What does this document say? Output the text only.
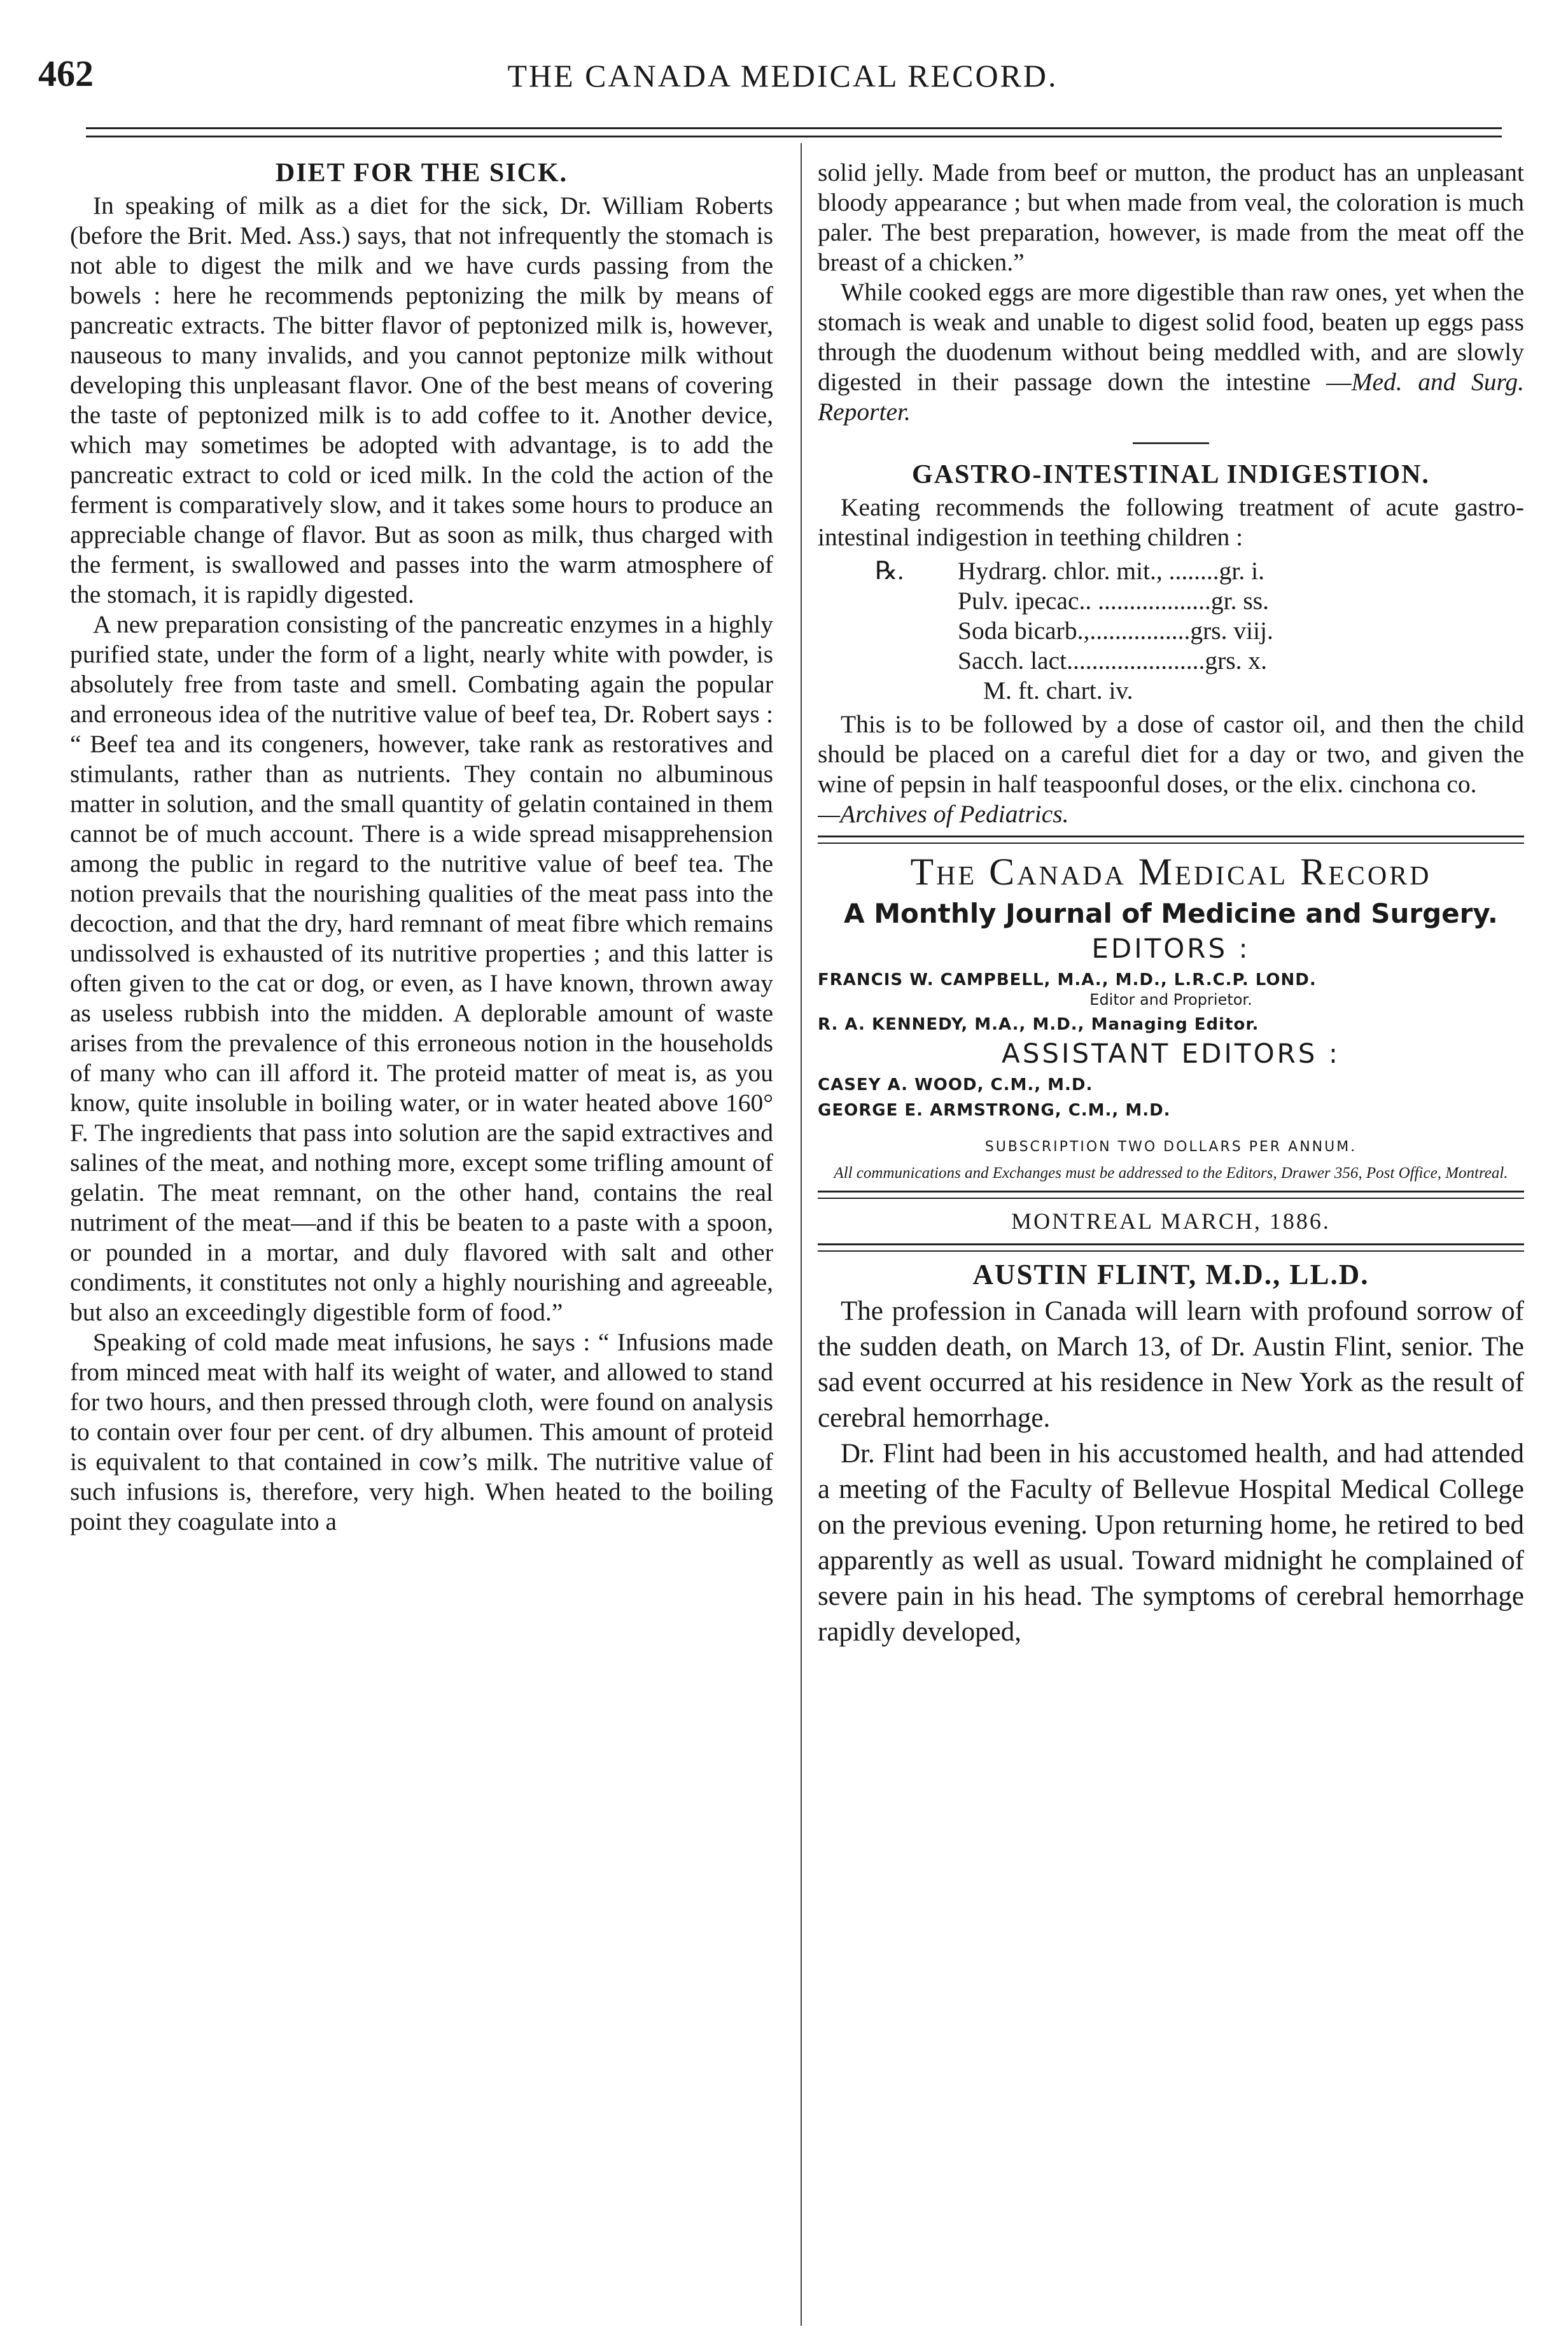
462	THE CANADA MEDICAL RECORD.
DIET FOR THE SICK.

In speaking of milk as a diet for the sick, Dr. William Roberts (before the Brit. Med. Ass.) says, that not infrequently the stomach is not able to digest the milk and we have curds passing from the bowels : here he recommends peptonizing the milk by means of pancreatic extracts. The bitter flavor of peptonized milk is, however, nauseous to many invalids, and you cannot peptonize milk without developing this unpleasant flavor. One of the best means of covering the taste of peptonized milk is to add coffee to it. Another device, which may sometimes be adopted with advantage, is to add the pancreatic extract to cold or iced milk. In the cold the action of the ferment is comparatively slow, and it takes some hours to produce an appreciable change of flavor. But as soon as milk, thus charged with the ferment, is swallowed and passes into the warm atmosphere of the stomach, it is rapidly digested.

A new preparation consisting of the pancreatic enzymes in a highly purified state, under the form of a light, nearly white with powder, is absolutely free from taste and smell. Combating again the popular and erroneous idea of the nutritive value of beef tea, Dr. Robert says : “ Beef tea and its congeners, however, take rank as restoratives and stimulants, rather than as nutrients. They contain no albuminous matter in solution, and the small quantity of gelatin contained in them cannot be of much account. There is a wide spread misapprehension among the public in regard to the nutritive value of beef tea. The notion prevails that the nourishing qualities of the meat pass into the decoction, and that the dry, hard remnant of meat fibre which remains undissolved is exhausted of its nutritive properties ; and this latter is often given to the cat or dog, or even, as I have known, thrown away as useless rubbish into the midden. A deplorable amount of waste arises from the prevalence of this erroneous notion in the households of many who can ill afford it. The proteid matter of meat is, as you know, quite insoluble in boiling water, or in water heated above 160° F. The ingredients that pass into solution are the sapid extractives and salines of the meat, and nothing more, except some trifling amount of gelatin. The meat remnant, on the other hand, contains the real nutriment of the meat—and if this be beaten to a paste with a spoon, or pounded in a mortar, and duly flavored with salt and other condiments, it constitutes not only a highly nourishing and agreeable, but also an exceedingly digestible form of food.”

Speaking of cold made meat infusions, he says : “ Infusions made from minced meat with half its weight of water, and allowed to stand for two hours, and then pressed through cloth, were found on analysis to contain over four per cent. of dry albumen. This amount of proteid is equivalent to that contained in cow’s milk. The nutritive value of such infusions is, therefore, very high. When heated to the boiling point they coagulate into a

solid jelly. Made from beef or mutton, the product has an unpleasant bloody appearance ; but when made from veal, the coloration is much paler. The best preparation, however, is made from the meat off the breast of a chicken.”

While cooked eggs are more digestible than raw ones, yet when the stomach is weak and unable to digest solid food, beaten up eggs pass through the duodenum without being meddled with, and are slowly digested in their passage down the intestine —Med. and Surg. Reporter.

GASTRO-INTESTINAL INDIGESTION.

Keating recommends the following treatment of acute gastro-intestinal indigestion in teething children :

℞.	Hydrarg. chlor. mit., ........gr. i.
Pulv. ipecac.. ..................gr. ss.
Soda bicarb.,................grs. viij.
Sacch. lact......................grs. x.
M. ft. chart. iv.

This is to be followed by a dose of castor oil, and then the child should be placed on a careful diet for a day or two, and given the wine of pepsin in half teaspoonful doses, or the elix. cinchona co.

—Archives of Pediatrics.

The Canada Medical Record
A Monthly Journal of Medicine and Surgery.
EDITORS :
FRANCIS W. CAMPBELL, M.A., M.D., L.R.C.P. LOND.
Editor and Proprietor.
R. A. KENNEDY, M.A., M.D., Managing Editor.
ASSISTANT EDITORS :
CASEY A. WOOD, C.M., M.D.
GEORGE E. ARMSTRONG, C.M., M.D.
SUBSCRIPTION TWO DOLLARS PER ANNUM.
All communications and Exchanges must be addressed to the Editors, Drawer 356, Post Office, Montreal.
MONTREAL MARCH, 1886.
AUSTIN FLINT, M.D., LL.D.

The profession in Canada will learn with profound sorrow of the sudden death, on March 13, of Dr. Austin Flint, senior. The sad event occurred at his residence in New York as the result of cerebral hemorrhage.

Dr. Flint had been in his accustomed health, and had attended a meeting of the Faculty of Bellevue Hospital Medical College on the previous evening. Upon returning home, he retired to bed apparently as well as usual. Toward midnight he complained of severe pain in his head. The symptoms of cerebral hemorrhage rapidly developed,
